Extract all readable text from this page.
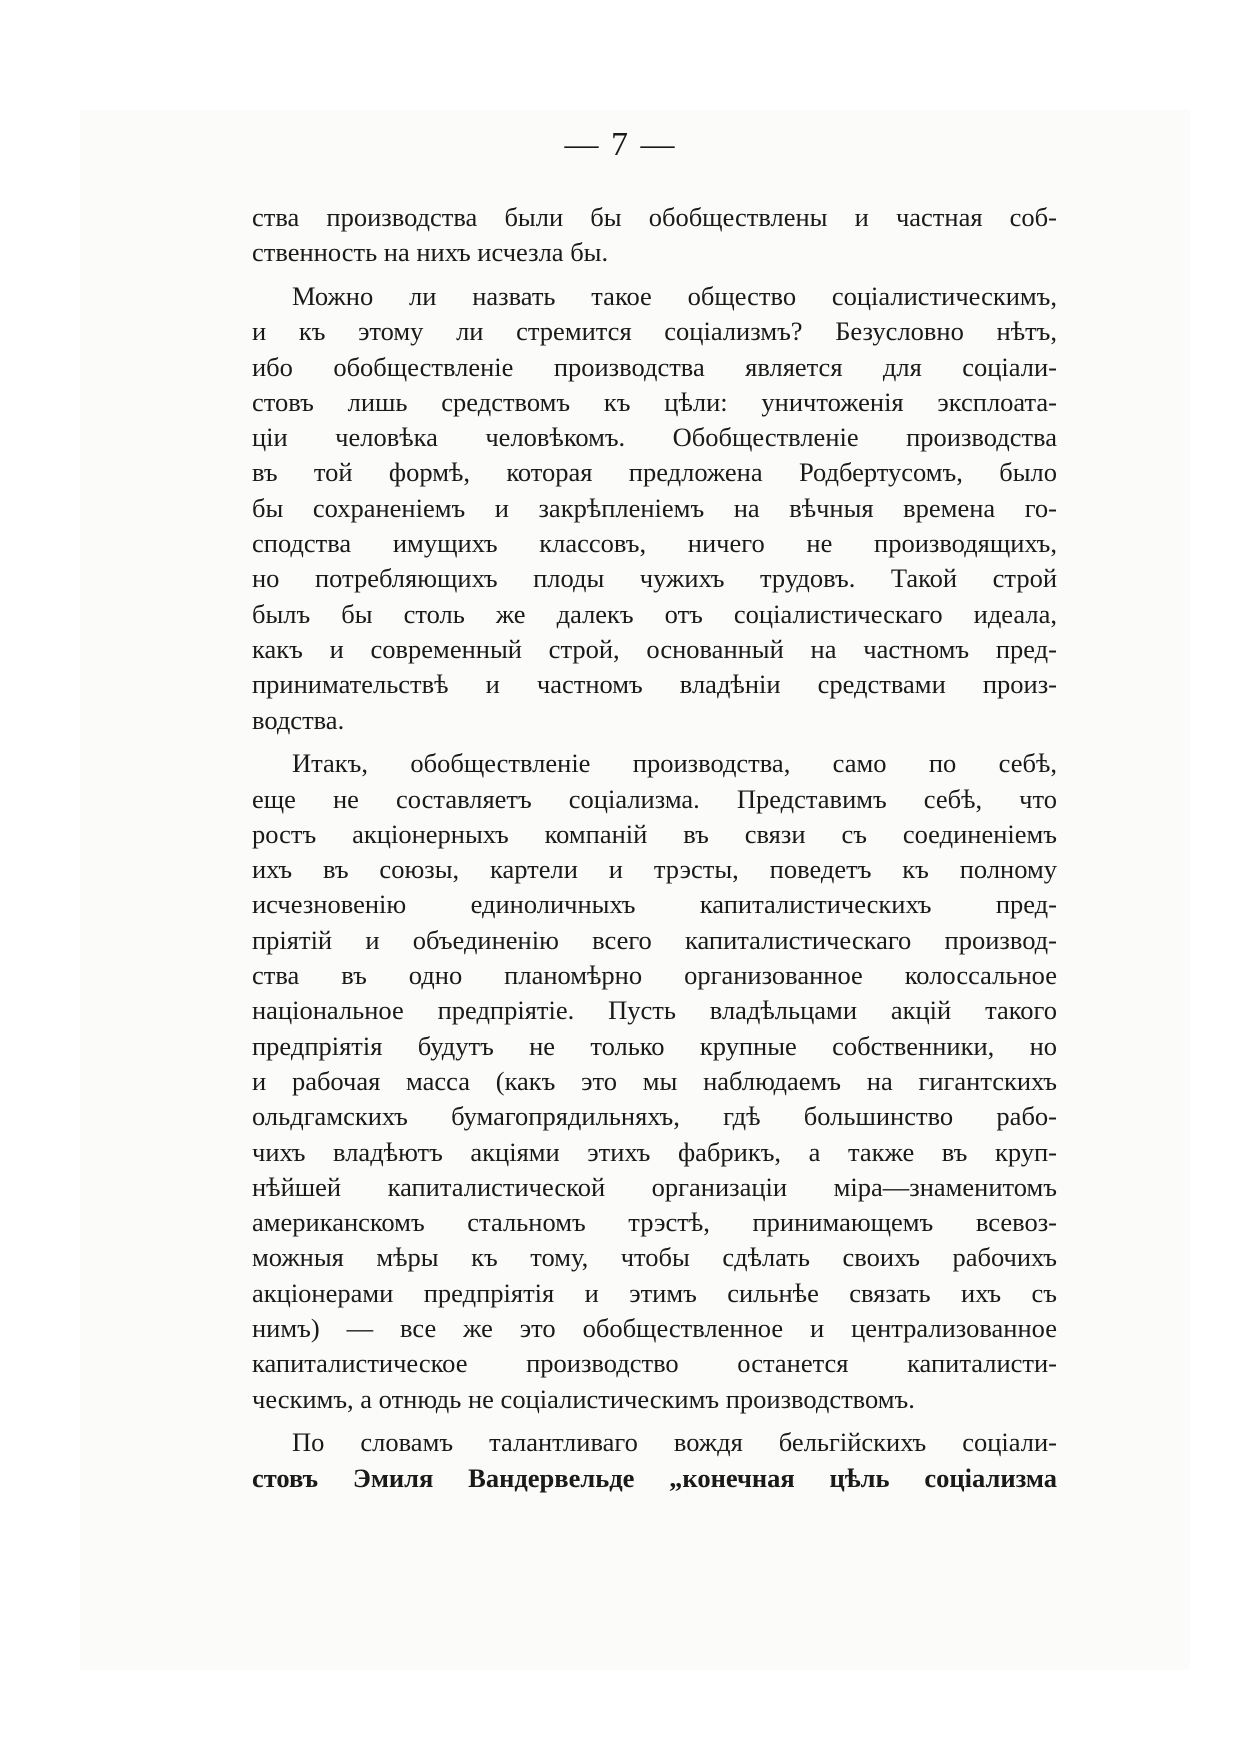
— 7 —
ства производства были бы обобществлены и частная соб-
ственность на нихъ исчезла бы.
Можно ли назвать такое общество соціалистическимъ,
и къ этому ли стремится соціализмъ? Безусловно нѣтъ,
ибо обобществленіе производства является для соціали-
стовъ лишь средствомъ къ цѣли: уничтоженія эксплоата-
ціи человѣка человѣкомъ. Обобществленіе производства
въ той формѣ, которая предложена Родбертусомъ, было
бы сохраненіемъ и закрѣпленіемъ на вѣчныя времена го-
сподства имущихъ классовъ, ничего не производящихъ,
но потребляющихъ плоды чужихъ трудовъ. Такой строй
былъ бы столь же далекъ отъ соціалистическаго идеала,
какъ и современный строй, основанный на частномъ пред-
принимательствѣ и частномъ владѣніи средствами произ-
водства.
Итакъ, обобществленіе производства, само по себѣ,
еще не составляетъ соціализма. Представимъ себѣ, что
ростъ акціонерныхъ компаній въ связи съ соединеніемъ
ихъ въ союзы, картели и трэсты, поведетъ къ полному
исчезновенію единоличныхъ капиталистическихъ пред-
пріятій и объединенію всего капиталистическаго производ-
ства въ одно планомѣрно организованное колоссальное
національное предпріятіе. Пусть владѣльцами акцій такого
предпріятія будутъ не только крупные собственники, но
и рабочая масса (какъ это мы наблюдаемъ на гигантскихъ
ольдгамскихъ бумагопрядильняхъ, гдѣ большинство рабо-
чихъ владѣютъ акціями этихъ фабрикъ, а также въ круп-
нѣйшей капиталистической организаціи міра—знаменитомъ
американскомъ стальномъ трэстѣ, принимающемъ всевоз-
можныя мѣры къ тому, чтобы сдѣлать своихъ рабочихъ
акціонерами предпріятія и этимъ сильнѣе связать ихъ съ
нимъ) — все же это обобществленное и централизованное
капиталистическое производство останется капиталисти-
ческимъ, а отнюдь не соціалистическимъ производствомъ.
По словамъ талантливаго вождя бельгійскихъ соціали-
стовъ Эмиля Вандервельде „конечная цѣль соціализма
